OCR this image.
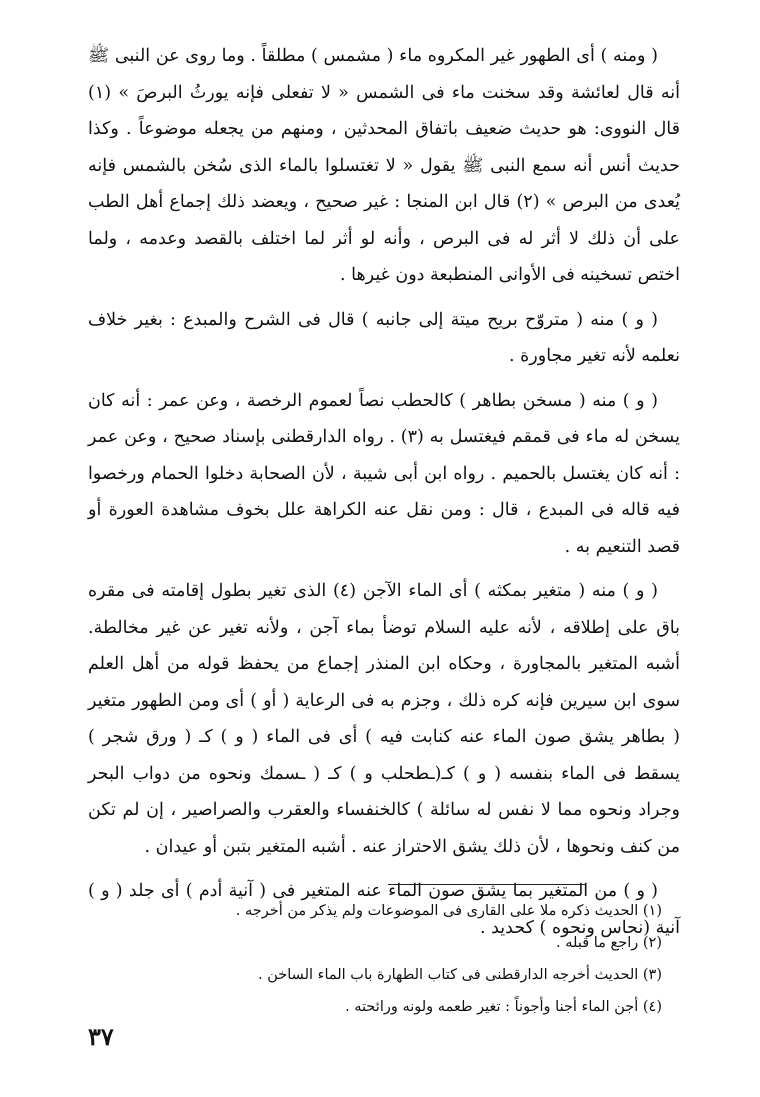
( ومنه ) أى الطهور غير المكروه ماء ( مشمس ) مطلقاً . وما روى عن النبى ﷺ أنه قال لعائشة وقد سخنت ماء فى الشمس « لا تفعلى فإنه يورثُ البرصَ » (١) قال النووى: هو حديث ضعيف باتفاق المحدثين ، ومنهم من يجعله موضوعاً . وكذا حديث أنس أنه سمع النبى ﷺ يقول « لا تغتسلوا بالماء الذى سُخن بالشمس فإنه يُعدى من البرص » (٢) قال ابن المنجا : غير صحيح ، ويعضد ذلك إجماع أهل الطب على أن ذلك لا أثر له فى البرص ، وأنه لو أثر لما اختلف بالقصد وعدمه ، ولما اختص تسخينه فى الأوانى المنطبعة دون غيرها .

( و ) منه ( متروّح بريح ميتة إلى جانبه ) قال فى الشرح والمبدع : بغير خلاف نعلمه لأنه تغير مجاورة .

( و ) منه ( مسخن بطاهر ) كالحطب نصاً لعموم الرخصة ، وعن عمر : أنه كان يسخن له ماء فى قمقم فيغتسل به (٣) . رواه الدارقطنى بإسناد صحيح ، وعن عمر : أنه كان يغتسل بالحميم . رواه ابن أبى شيبة ، لأن الصحابة دخلوا الحمام ورخصوا فيه قاله فى المبدع ، قال : ومن نقل عنه الكراهة علل بخوف مشاهدة العورة أو قصد التنعيم به .

( و ) منه ( متغير بمكثه ) أى الماء الآجن (٤) الذى تغير بطول إقامته فى مقره باق على إطلاقه ، لأنه عليه السلام توضأ بماء آجن ، ولأنه تغير عن غير مخالطة. أشبه المتغير بالمجاورة ، وحكاه ابن المنذر إجماع من يحفظ قوله من أهل العلم سوى ابن سيرين فإنه كره ذلك ، وجزم به فى الرعاية ( أو ) أى ومن الطهور متغير ( بطاهر يشق صون الماء عنه كنابت فيه ) أى فى الماء ( و ) كـ ( ورق شجر ) يسقط فى الماء بنفسه ( و ) كـ(ـطحلب و ) كـ ( ـسمك ونحوه من دواب البحر وجراد ونحوه مما لا نفس له سائلة ) كالخنفساء والعقرب والصراصير ، إن لم تكن من كنف ونحوها ، لأن ذلك يشق الاحتراز عنه . أشبه المتغير بتبن أو عيدان .

( و ) من المتغير بما يشق صون الماء عنه المتغير فى ( آنية أدم ) أى جلد ( و ) آنية (نحاس ونحوه ) كحديد .

(١) الحديث ذكره ملا على القارى فى الموضوعات ولم يذكر من أخرجه .

(٢) راجع ما قبله .

(٣) الحديث أخرجه الدارقطنى فى كتاب الطهارة باب الماء الساخن .

(٤) أجن الماء أجنا وأجوناً : تغير طعمه ولونه ورائحته .

٣٧
